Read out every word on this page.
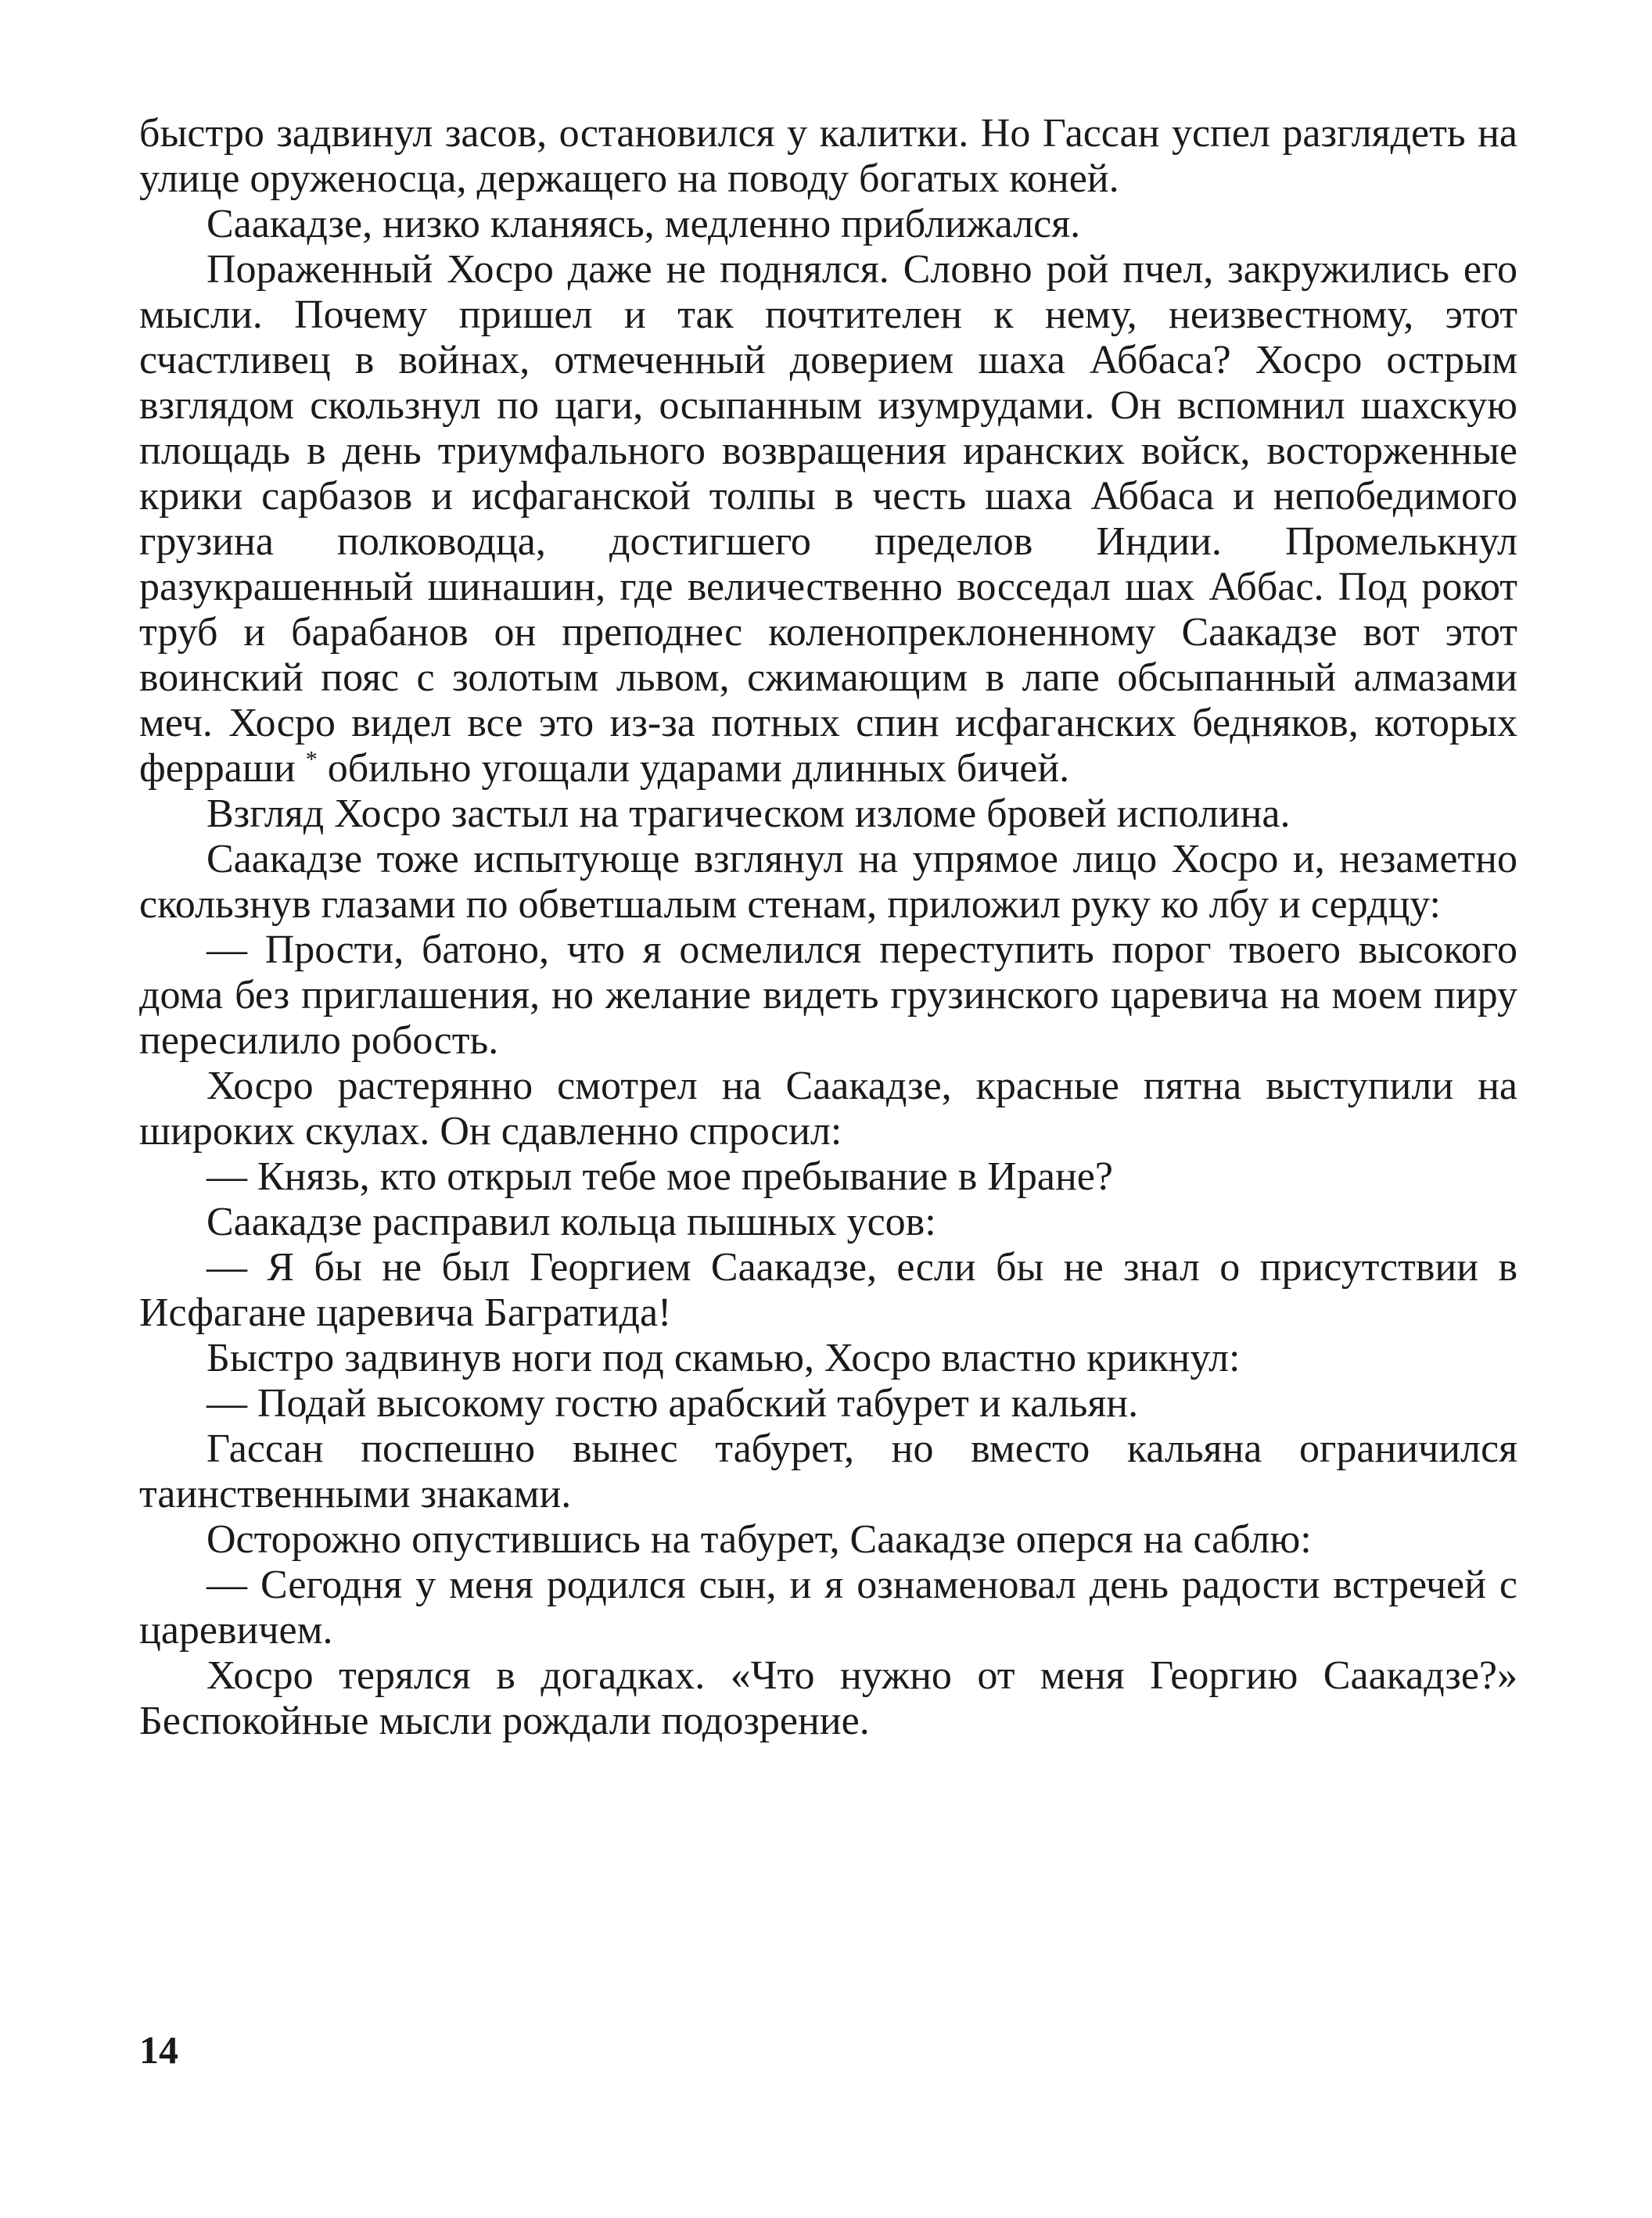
быстро задвинул засов, остановился у калитки. Но Гассан успел разглядеть на улице оруженосца, держащего на поводу богатых коней.

Саакадзе, низко кланяясь, медленно приближался.

Пораженный Хосро даже не поднялся. Словно рой пчел, закружились его мысли. Почему пришел и так почтителен к нему, неизвестному, этот счастливец в войнах, отмеченный доверием шаха Аббаса? Хосро острым взглядом скользнул по цаги, осыпанным изумрудами. Он вспомнил шахскую площадь в день триумфального возвращения иранских войск, восторженные крики сарбазов и исфаганской толпы в честь шаха Аббаса и непобедимого грузина полководца, достигшего пределов Индии. Промелькнул разукрашенный шинашин, где величественно восседал шах Аббас. Под рокот труб и барабанов он преподнес коленопреклоненному Саакадзе вот этот воинский пояс с золотым львом, сжимающим в лапе обсыпанный алмазами меч. Хосро видел все это из-за потных спин исфаганских бедняков, которых ферраши * обильно угощали ударами длинных бичей.

Взгляд Хосро застыл на трагическом изломе бровей исполина.

Саакадзе тоже испытующе взглянул на упрямое лицо Хосро и, незаметно скользнув глазами по обветшалым стенам, приложил руку ко лбу и сердцу:

— Прости, батоно, что я осмелился переступить порог твоего высокого дома без приглашения, но желание видеть грузинского царевича на моем пиру пересилило робость.

Хосро растерянно смотрел на Саакадзе, красные пятна выступили на широких скулах. Он сдавленно спросил:

— Князь, кто открыл тебе мое пребывание в Иране?

Саакадзе расправил кольца пышных усов:

— Я бы не был Георгием Саакадзе, если бы не знал о присутствии в Исфагане царевича Багратида!

Быстро задвинув ноги под скамью, Хосро властно крикнул:

— Подай высокому гостю арабский табурет и кальян.

Гассан поспешно вынес табурет, но вместо кальяна ограничился таинственными знаками.

Осторожно опустившись на табурет, Саакадзе оперся на саблю:

— Сегодня у меня родился сын, и я ознаменовал день радости встречей с царевичем.

Хосро терялся в догадках. «Что нужно от меня Георгию Саакадзе?» Беспокойные мысли рождали подозрение.

14
